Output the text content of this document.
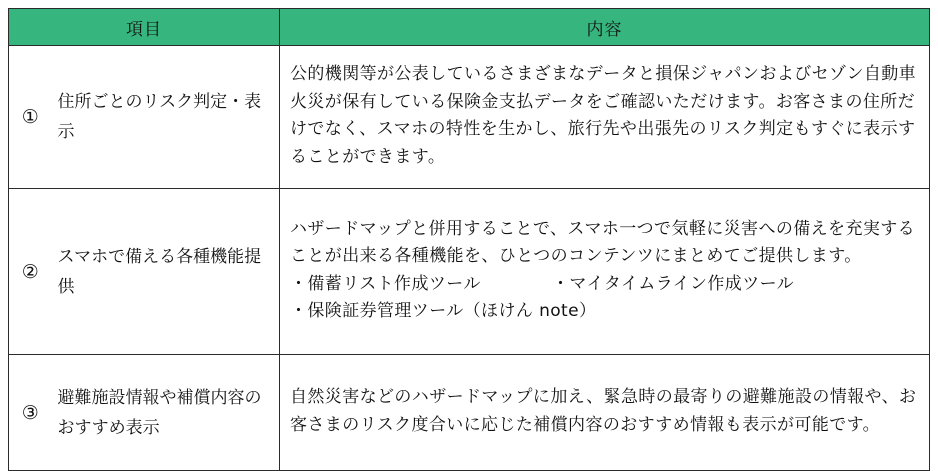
項目		内容
①	住所ごとのリスク判定・表示	公的機関等が公表しているさまざまなデータと損保ジャパンおよびセゾン自動車火災が保有している保険金支払データをご確認いただけます。お客さまの住所だけでなく、スマホの特性を生かし、旅行先や出張先のリスク判定もすぐに表示することができます。

②	スマホで備える各種機能提供	ハザードマップと併用することで、スマホ一つで気軽に災害への備えを充実することが出来る各種機能を、ひとつのコンテンツにまとめてご提供します。

・備蓄リスト作成ツール ・マイタイムライン作成ツール
・保険証券管理ツール（ほけん note）

③	避難施設情報や補償内容のおすすめ表示	自然災害などのハザードマップに加え、緊急時の最寄りの避難施設の情報や、お客さまのリスク度合いに応じた補償内容のおすすめ情報も表示が可能です。
